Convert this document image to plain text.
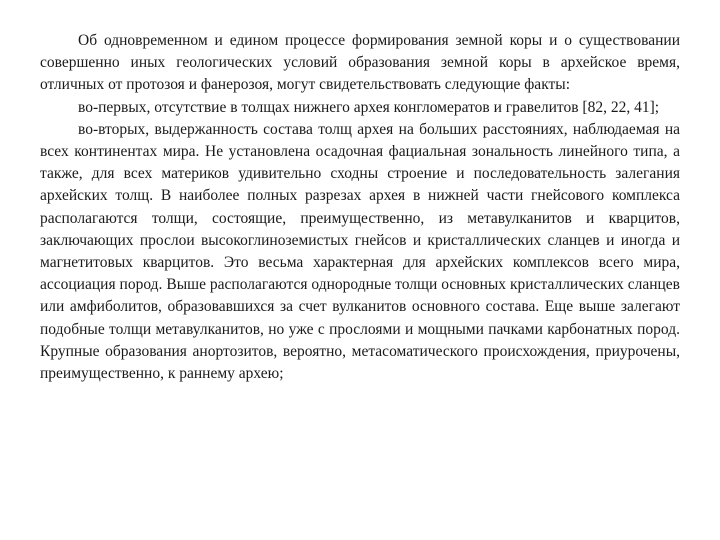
Об одновременном и едином процессе формирования земной коры и о существовании совершенно иных геологических условий образования земной коры в архейское время, отличных от протозоя и фанерозоя, могут свидетельствовать следующие факты:

во-первых, отсутствие в толщах нижнего архея конгломератов и гравелитов [82, 22, 41];

во-вторых, выдержанность состава толщ архея на больших расстояниях, наблюдаемая на всех континентах мира. Не установлена осадочная фациальная зональность линейного типа, а также, для всех материков удивительно сходны строение и последовательность залегания архейских толщ. В наиболее полных разрезах архея в нижней части гнейсового комплекса располагаются толщи, состоящие, преимущественно, из метавулканитов и кварцитов, заключающих прослои высокоглиноземистых гнейсов и кристаллических сланцев и иногда и магнетитовых кварцитов. Это весьма характерная для архейских комплексов всего мира, ассоциация пород. Выше располагаются однородные толщи основных кристаллических сланцев или амфиболитов, образовавшихся за счет вулканитов основного состава. Еще выше залегают подобные толщи метавулканитов, но уже с прослоями и мощными пачками карбонатных пород. Крупные образования анортозитов, вероятно, метасоматического происхождения, приурочены, преимущественно, к раннему архею;
